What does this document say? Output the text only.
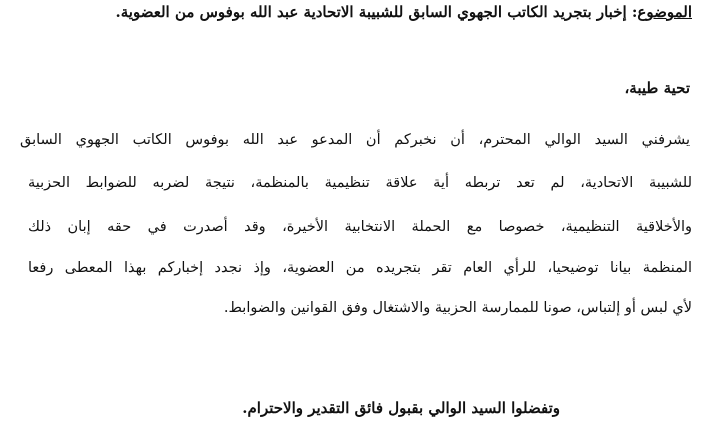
الموضوع: إخبار بتجريد الكاتب الجهوي السابق للشبيبة الاتحادية عبد الله بوفوس من العضوية.
تحية طيبة،
يشرفني السيد الوالي المحترم، أن نخبركم أن المدعو عبد الله بوفوس الكاتب الجهوي السابق
للشبيبة الاتحادية، لم تعد تربطه أية علاقة تنظيمية بالمنظمة، نتيجة لضربه للضوابط الحزبية
والأخلاقية التنظيمية، خصوصا مع الحملة الانتخابية الأخيرة، وقد أصدرت في حقه إبان ذلك
المنظمة بيانا توضيحيا، للرأي العام تقر بتجريده من العضوية، وإذ نجدد إخباركم بهذا المعطى رفعا
لأي لبس أو إلتباس، صونا للممارسة الحزبية والاشتغال وفق القوانين والضوابط.
وتفضلوا السيد الوالي بقبول فائق التقدير والاحترام.
